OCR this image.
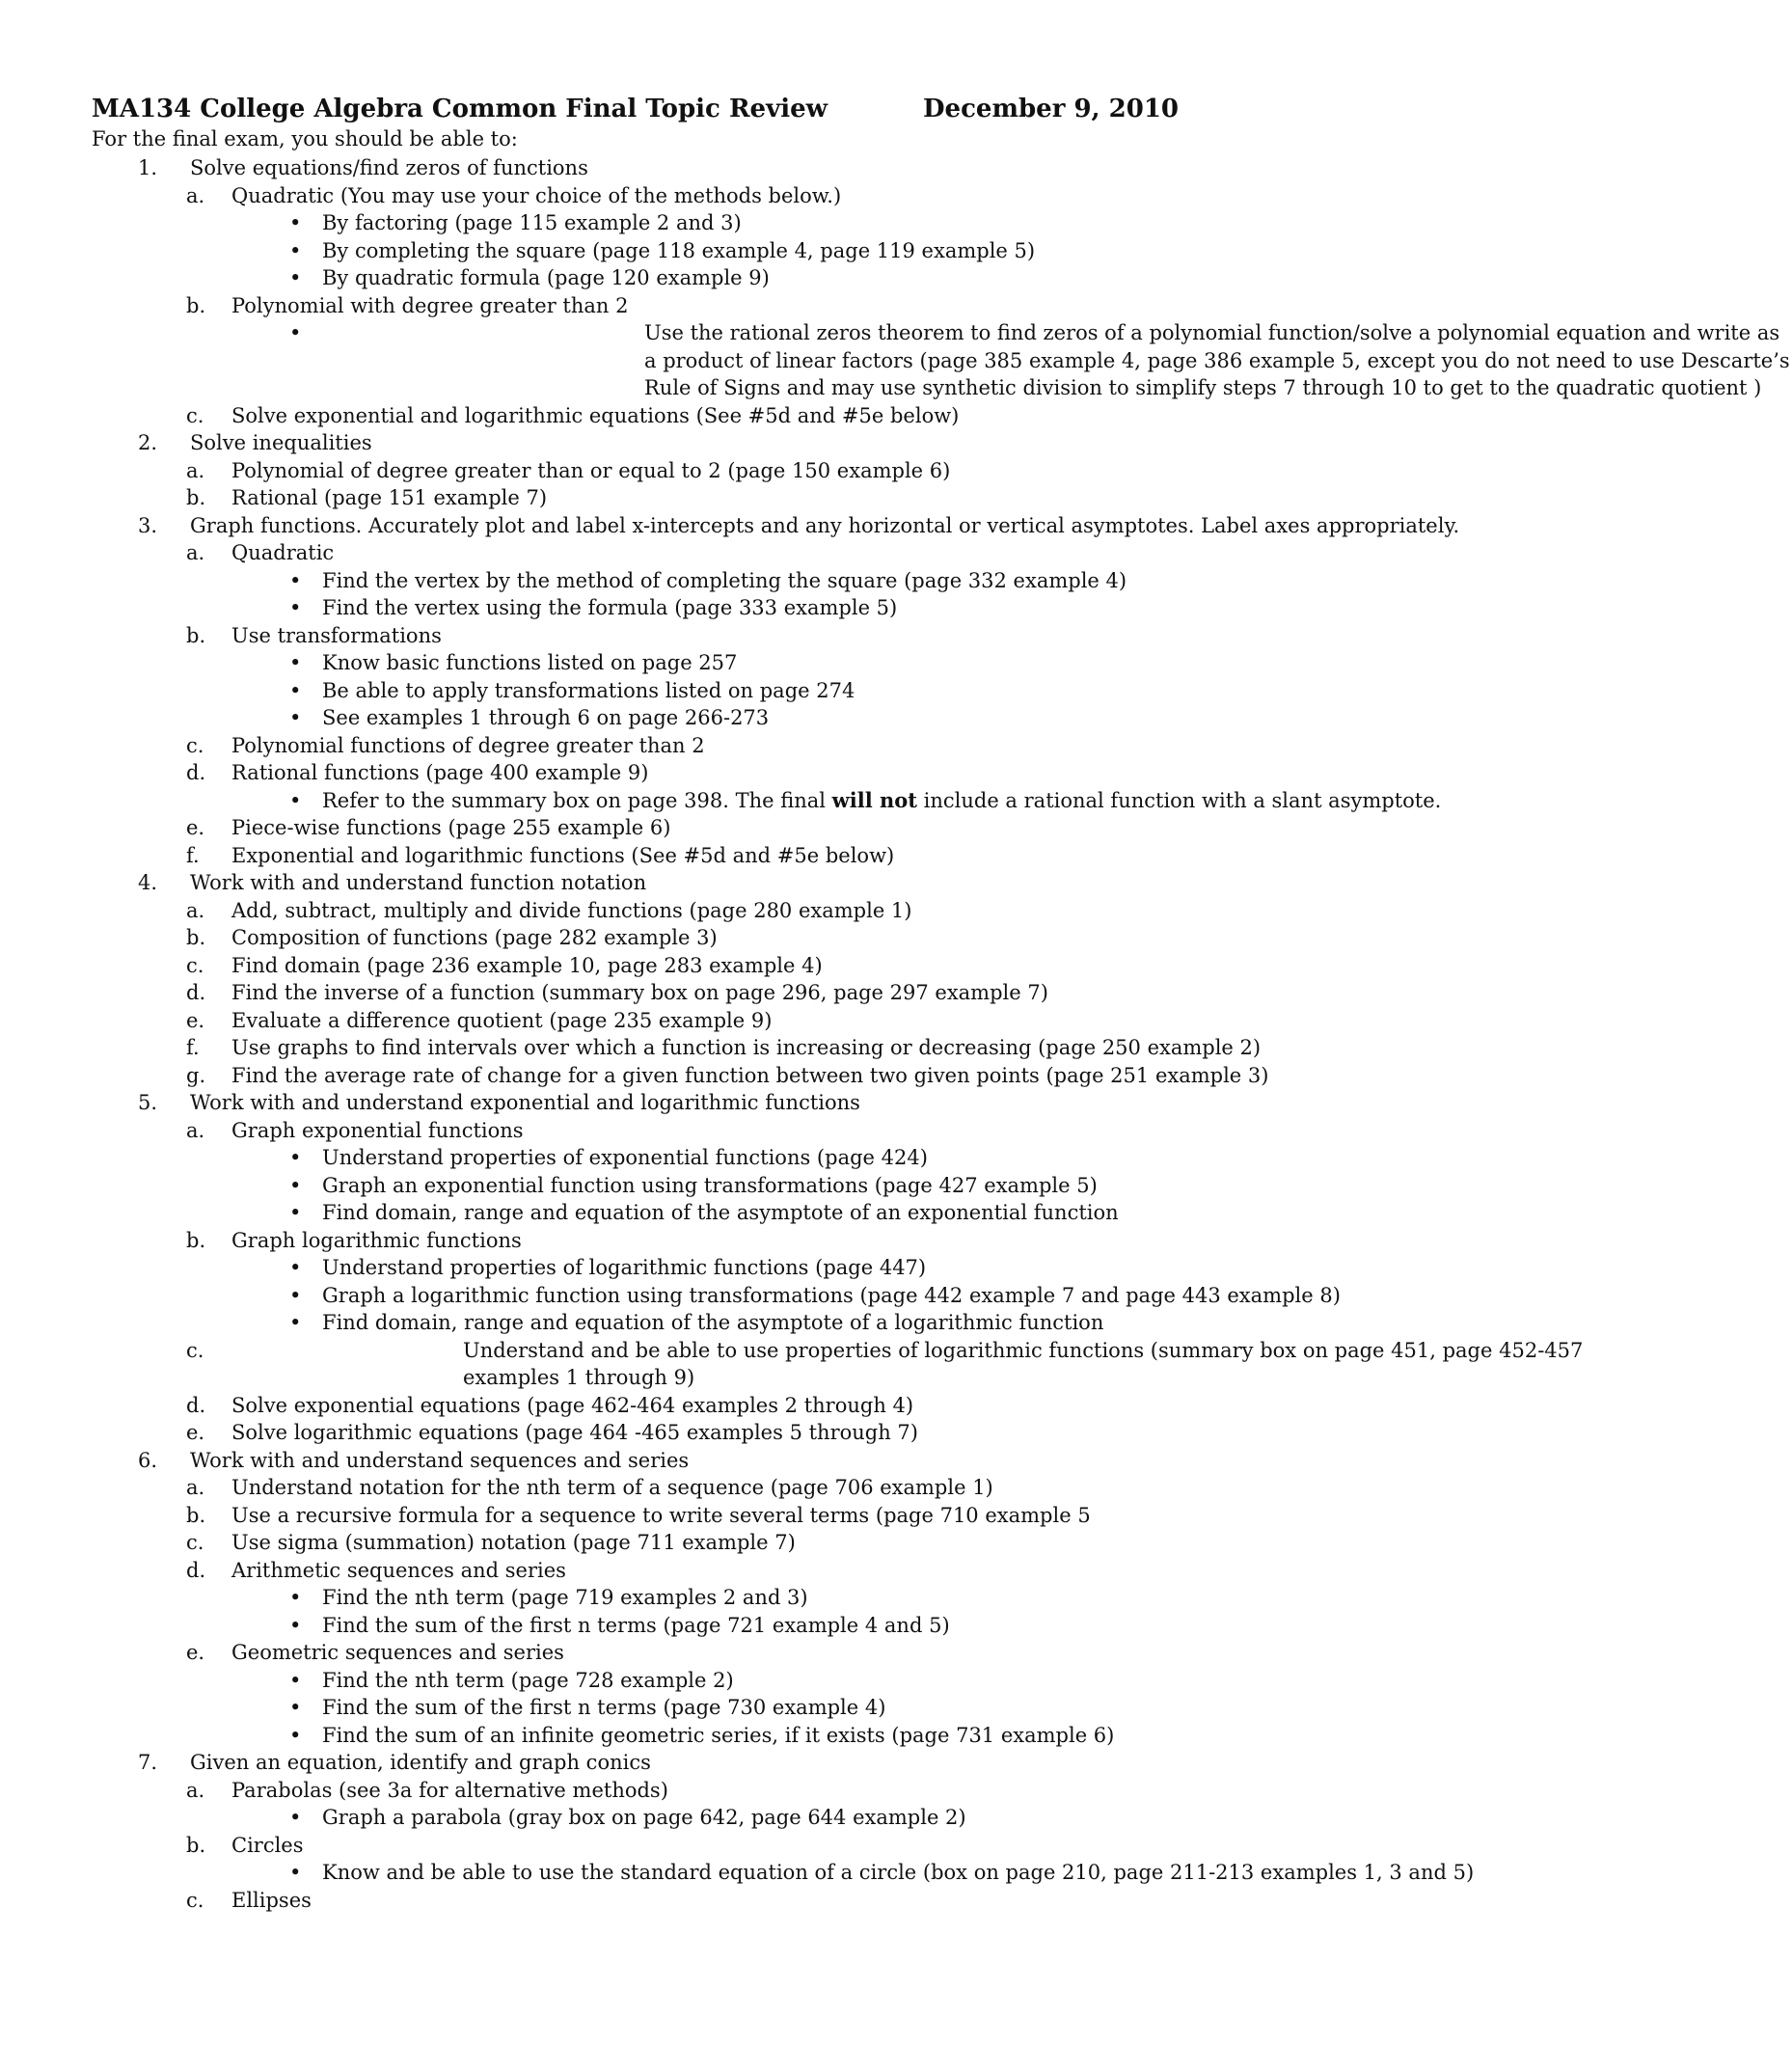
MA134 College Algebra Common Final Topic Review	December 9, 2010
For the final exam, you should be able to:
1. Solve equations/find zeros of functions
a. Quadratic (You may use your choice of the methods below.)
• By factoring (page 115 example 2 and 3)
• By completing the square (page 118 example 4, page 119 example 5)
• By quadratic formula (page 120 example 9)
b. Polynomial with degree greater than 2
•	Use the rational zeros theorem to find zeros of a polynomial function/solve a polynomial equation and write as a product of linear factors (page 385 example 4, page 386 example 5, except you do not need to use Descarte’s Rule of Signs and may use synthetic division to simplify steps 7 through 10 to get to the quadratic quotient )
c. Solve exponential and logarithmic equations (See #5d and #5e below)
2. Solve inequalities
a. Polynomial of degree greater than or equal to 2 (page 150 example 6)
b. Rational (page 151 example 7)
3. Graph functions. Accurately plot and label x-intercepts and any horizontal or vertical asymptotes. Label axes appropriately.
a. Quadratic
• Find the vertex by the method of completing the square (page 332 example 4)
• Find the vertex using the formula (page 333 example 5)
b. Use transformations
• Know basic functions listed on page 257
• Be able to apply transformations listed on page 274
• See examples 1 through 6 on page 266-273
c. Polynomial functions of degree greater than 2
d. Rational functions (page 400 example 9)
• Refer to the summary box on page 398. The final will not include a rational function with a slant asymptote.
e. Piece-wise functions (page 255 example 6)
f. Exponential and logarithmic functions (See #5d and #5e below)
4. Work with and understand function notation
a. Add, subtract, multiply and divide functions (page 280 example 1)
b. Composition of functions (page 282 example 3)
c. Find domain (page 236 example 10, page 283 example 4)
d. Find the inverse of a function (summary box on page 296, page 297 example 7)
e. Evaluate a difference quotient (page 235 example 9)
f. Use graphs to find intervals over which a function is increasing or decreasing (page 250 example 2)
g. Find the average rate of change for a given function between two given points (page 251 example 3)
5. Work with and understand exponential and logarithmic functions
a. Graph exponential functions
• Understand properties of exponential functions (page 424)
• Graph an exponential function using transformations (page 427 example 5)
• Find domain, range and equation of the asymptote of an exponential function
b. Graph logarithmic functions
• Understand properties of logarithmic functions (page 447)
• Graph a logarithmic function using transformations (page 442 example 7 and page 443 example 8)
• Find domain, range and equation of the asymptote of a logarithmic function
c.	Understand and be able to use properties of logarithmic functions (summary box on page 451, page 452-457 examples 1 through 9)
d. Solve exponential equations (page 462-464 examples 2 through 4)
e. Solve logarithmic equations (page 464 -465 examples 5 through 7)
6. Work with and understand sequences and series
a. Understand notation for the nth term of a sequence (page 706 example 1)
b. Use a recursive formula for a sequence to write several terms (page 710 example 5
c. Use sigma (summation) notation (page 711 example 7)
d. Arithmetic sequences and series
• Find the nth term (page 719 examples 2 and 3)
• Find the sum of the first n terms (page 721 example 4 and 5)
e. Geometric sequences and series
• Find the nth term (page 728 example 2)
• Find the sum of the first n terms (page 730 example 4)
• Find the sum of an infinite geometric series, if it exists (page 731 example 6)
7. Given an equation, identify and graph conics
a. Parabolas (see 3a for alternative methods)
• Graph a parabola (gray box on page 642, page 644 example 2)
b. Circles
• Know and be able to use the standard equation of a circle (box on page 210, page 211-213 examples 1, 3 and 5)
c. Ellipses
